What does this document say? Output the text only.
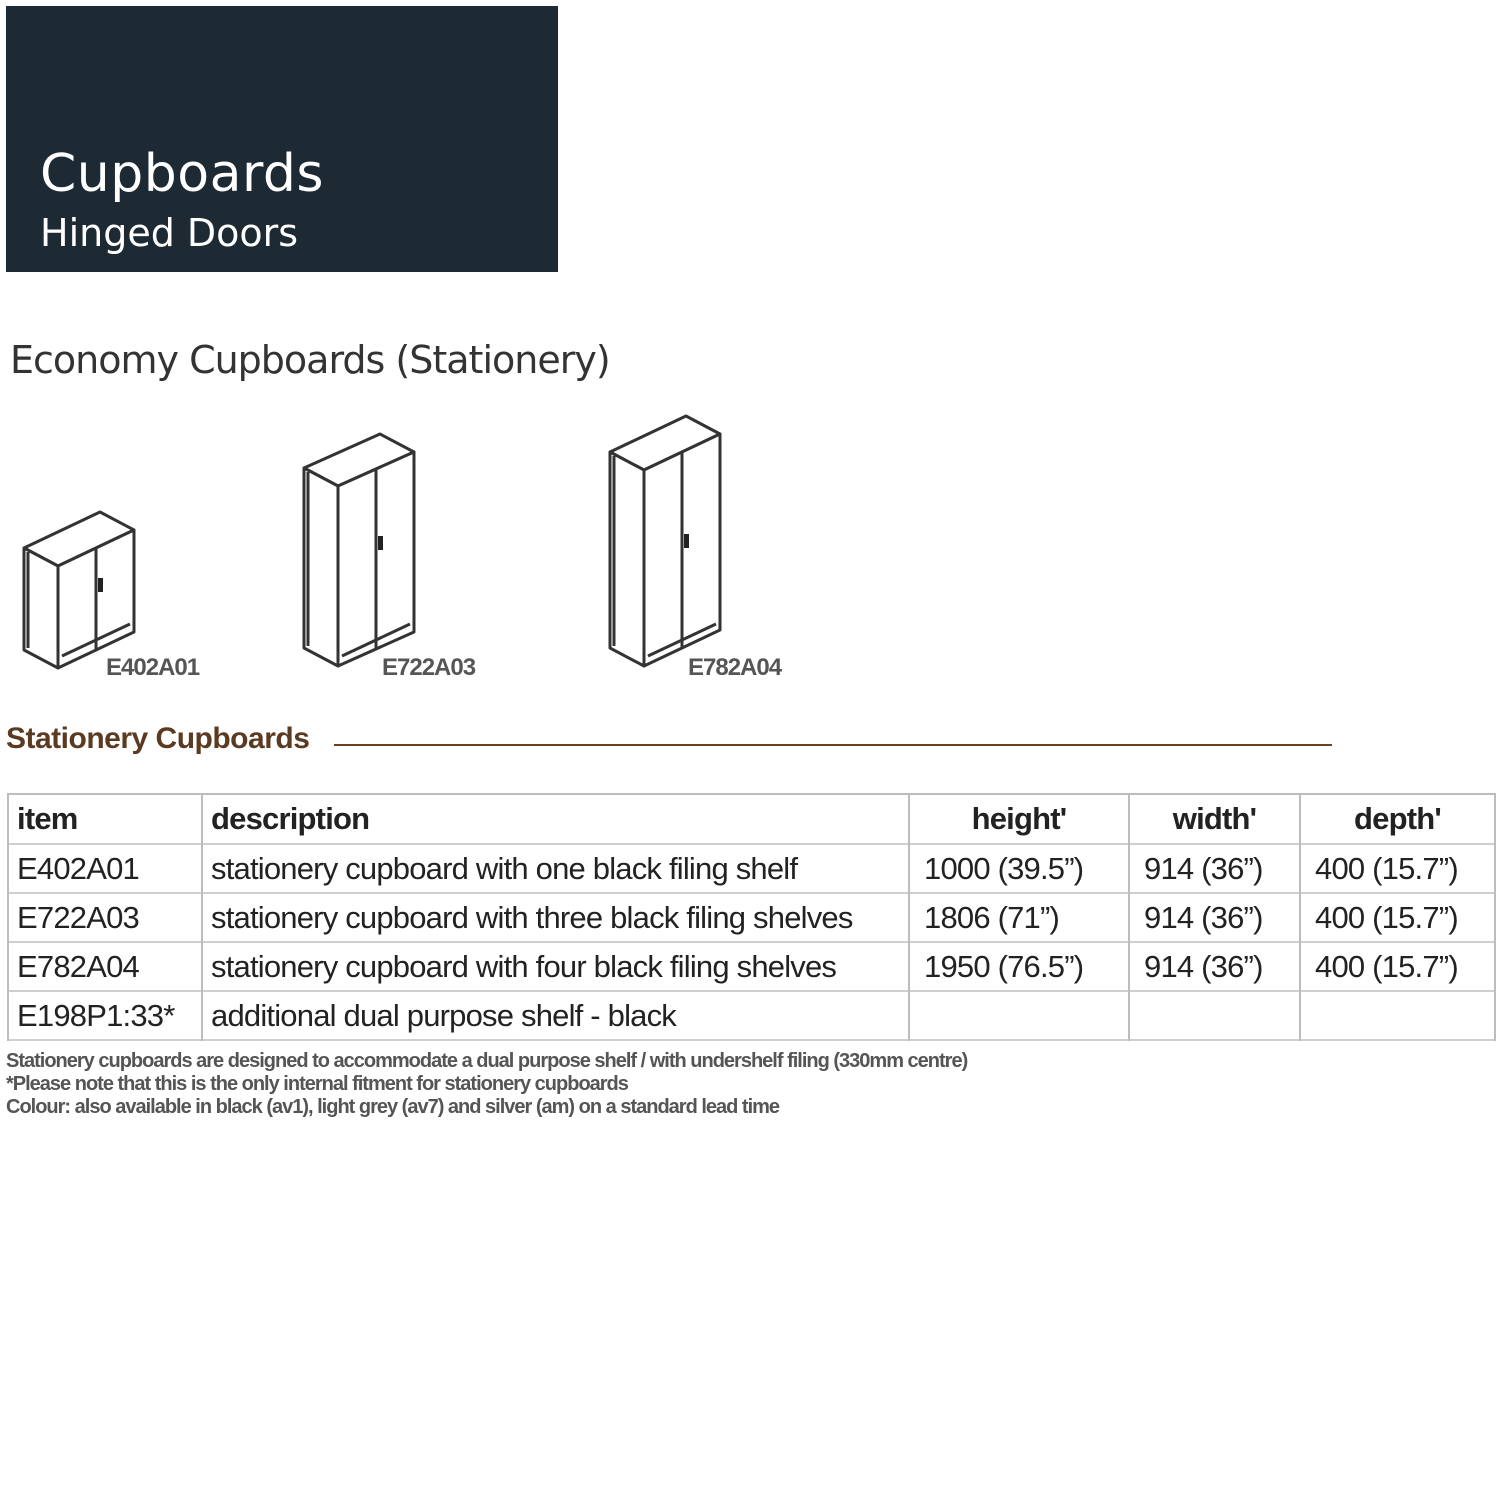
Cupboards
Hinged Doors
Economy Cupboards (Stationery)
E402A01	E722A03	E782A04
Stationery Cupboards
item	description	height'	width'	depth'
E402A01	stationery cupboard with one black filing shelf	1000 (39.5”)	914 (36”)	400 (15.7”)
E722A03	stationery cupboard with three black filing shelves	1806 (71”)	914 (36”)	400 (15.7”)
E782A04	stationery cupboard with four black filing shelves	1950 (76.5”)	914 (36”)	400 (15.7”)
E198P1:33*	additional dual purpose shelf - black			
Stationery cupboards are designed to accommodate a dual purpose shelf / with undershelf filing (330mm centre)
*Please note that this is the only internal fitment for stationery cupboards
Colour: also available in black (av1), light grey (av7) and silver (am) on a standard lead time
